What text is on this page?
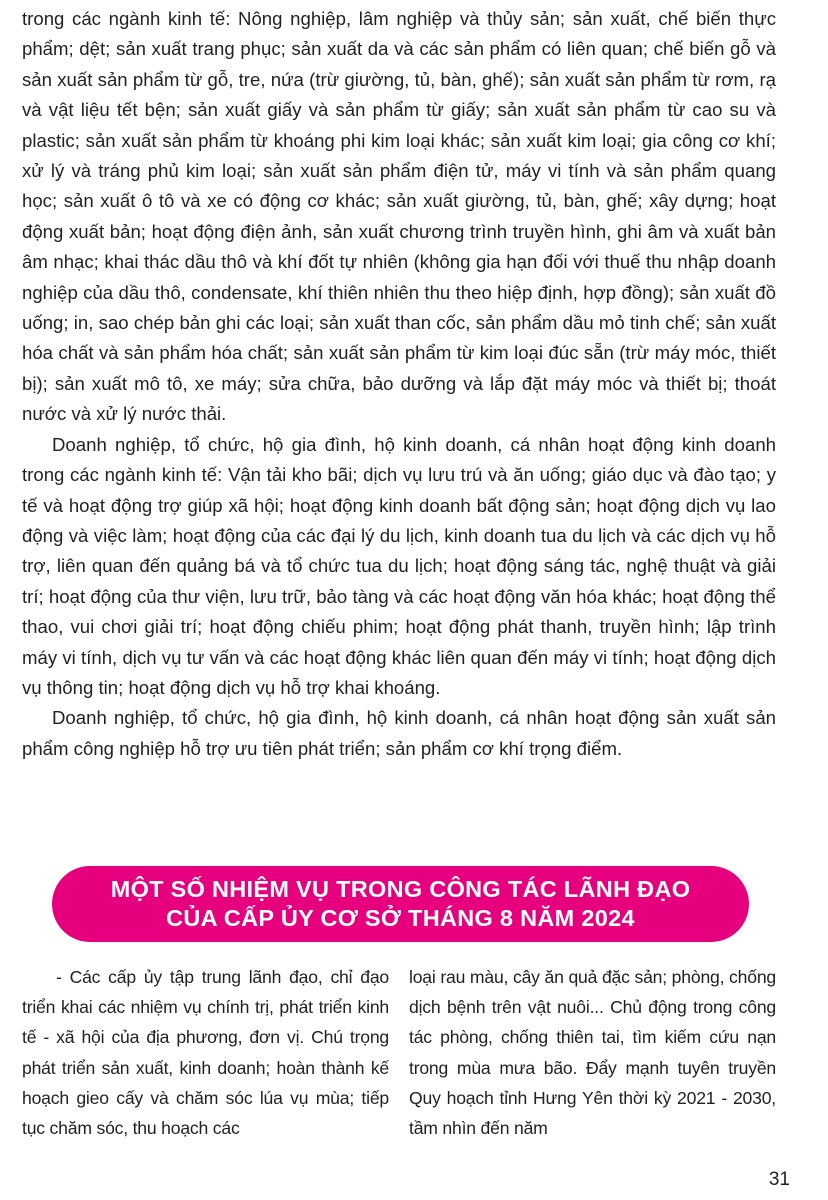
trong các ngành kinh tế: Nông nghiệp, lâm nghiệp và thủy sản; sản xuất, chế biến thực phẩm; dệt; sản xuất trang phục; sản xuất da và các sản phẩm có liên quan; chế biến gỗ và sản xuất sản phẩm từ gỗ, tre, nứa (trừ giường, tủ, bàn, ghế); sản xuất sản phẩm từ rơm, rạ và vật liệu tết bện; sản xuất giấy và sản phẩm từ giấy; sản xuất sản phẩm từ cao su và plastic; sản xuất sản phẩm từ khoáng phi kim loại khác; sản xuất kim loại; gia công cơ khí; xử lý và tráng phủ kim loại; sản xuất sản phẩm điện tử, máy vi tính và sản phẩm quang học; sản xuất ô tô và xe có động cơ khác; sản xuất giường, tủ, bàn, ghế; xây dựng; hoạt động xuất bản; hoạt động điện ảnh, sản xuất chương trình truyền hình, ghi âm và xuất bản âm nhạc; khai thác dầu thô và khí đốt tự nhiên (không gia hạn đối với thuế thu nhập doanh nghiệp của dầu thô, condensate, khí thiên nhiên thu theo hiệp định, hợp đồng); sản xuất đồ uống; in, sao chép bản ghi các loại; sản xuất than cốc, sản phẩm dầu mỏ tinh chế; sản xuất hóa chất và sản phẩm hóa chất; sản xuất sản phẩm từ kim loại đúc sẵn (trừ máy móc, thiết bị); sản xuất mô tô, xe máy; sửa chữa, bảo dưỡng và lắp đặt máy móc và thiết bị; thoát nước và xử lý nước thải.

Doanh nghiệp, tổ chức, hộ gia đình, hộ kinh doanh, cá nhân hoạt động kinh doanh trong các ngành kinh tế: Vận tải kho bãi; dịch vụ lưu trú và ăn uống; giáo dục và đào tạo; y tế và hoạt động trợ giúp xã hội; hoạt động kinh doanh bất động sản; hoạt động dịch vụ lao động và việc làm; hoạt động của các đại lý du lịch, kinh doanh tua du lịch và các dịch vụ hỗ trợ, liên quan đến quảng bá và tổ chức tua du lịch; hoạt động sáng tác, nghệ thuật và giải trí; hoạt động của thư viện, lưu trữ, bảo tàng và các hoạt động văn hóa khác; hoạt động thể thao, vui chơi giải trí; hoạt động chiếu phim; hoạt động phát thanh, truyền hình; lập trình máy vi tính, dịch vụ tư vấn và các hoạt động khác liên quan đến máy vi tính; hoạt động dịch vụ thông tin; hoạt động dịch vụ hỗ trợ khai khoáng.

Doanh nghiệp, tổ chức, hộ gia đình, hộ kinh doanh, cá nhân hoạt động sản xuất sản phẩm công nghiệp hỗ trợ ưu tiên phát triển; sản phẩm cơ khí trọng điểm.

MỘT SỐ NHIỆM VỤ TRONG CÔNG TÁC LÃNH ĐẠO
CỦA CẤP ỦY CƠ SỞ THÁNG 8 NĂM 2024

- Các cấp ủy tập trung lãnh đạo, chỉ đạo triển khai các nhiệm vụ chính trị, phát triển kinh tế - xã hội của địa phương, đơn vị. Chú trọng phát triển sản xuất, kinh doanh; hoàn thành kế hoạch gieo cấy và chăm sóc lúa vụ mùa; tiếp tục chăm sóc, thu hoạch các

loại rau màu, cây ăn quả đặc sản; phòng, chống dịch bệnh trên vật nuôi... Chủ động trong công tác phòng, chống thiên tai, tìm kiếm cứu nạn trong mùa mưa bão. Đẩy mạnh tuyên truyền Quy hoạch tỉnh Hưng Yên thời kỳ 2021 - 2030, tầm nhìn đến năm

31
